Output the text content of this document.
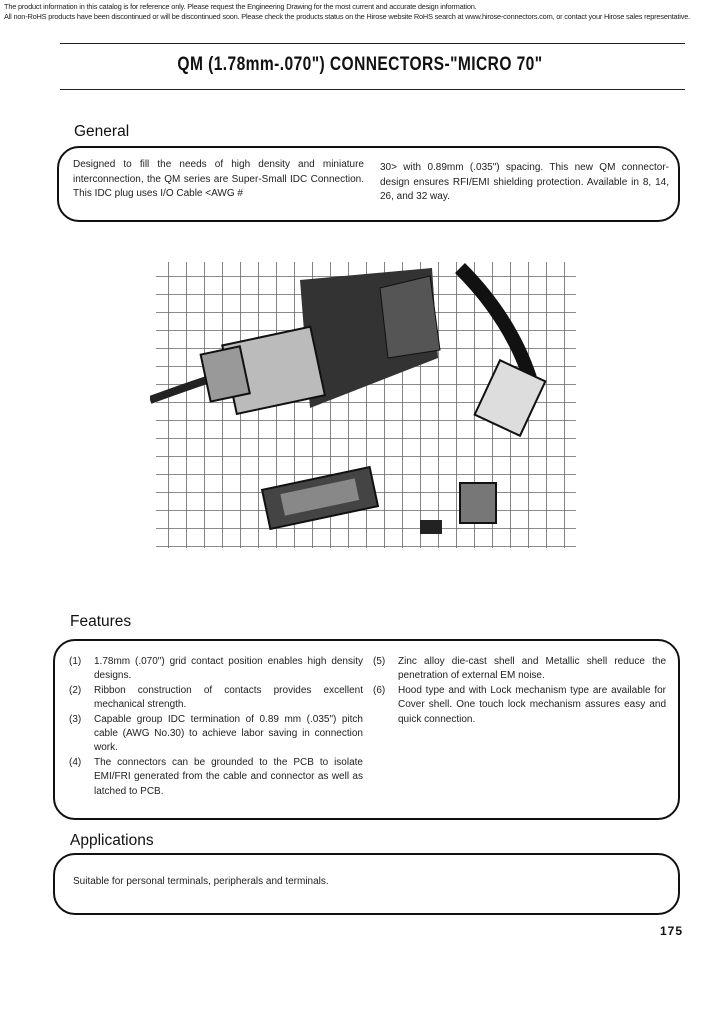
The product information in this catalog is for reference only. Please request the Engineering Drawing for the most current and accurate design information.
All non-RoHS products have been discontinued or will be discontinued soon. Please check the products status on the Hirose website RoHS search at www.hirose-connectors.com, or contact your Hirose sales representative.
QM (1.78mm-.070") CONNECTORS-"MICRO 70"
General
Designed to fill the needs of high density and miniature interconnection, the QM series are Super-Small IDC Connection. This IDC plug uses I/O Cable <AWG #
30> with 0.89mm (.035") spacing. This new QM connector-design ensures RFI/EMI shielding protection. Available in 8, 14, 26, and 32 way.
Features
(1)	1.78mm (.070") grid contact position enables high density designs.
(2)	Ribbon construction of contacts provides excellent mechanical strength.
(3)	Capable group IDC termination of 0.89 mm (.035") pitch cable (AWG No.30) to achieve labor saving in connection work.
(4)	The connectors can be grounded to the PCB to isolate EMI/FRI generated from the cable and connector as well as latched to PCB.
(5)	Zinc alloy die-cast shell and Metallic shell reduce the penetration of external EM noise.
(6)	Hood type and with Lock mechanism type are available for Cover shell. One touch lock mechanism assures easy and quick connection.
Applications
Suitable for personal terminals, peripherals and terminals.
175
